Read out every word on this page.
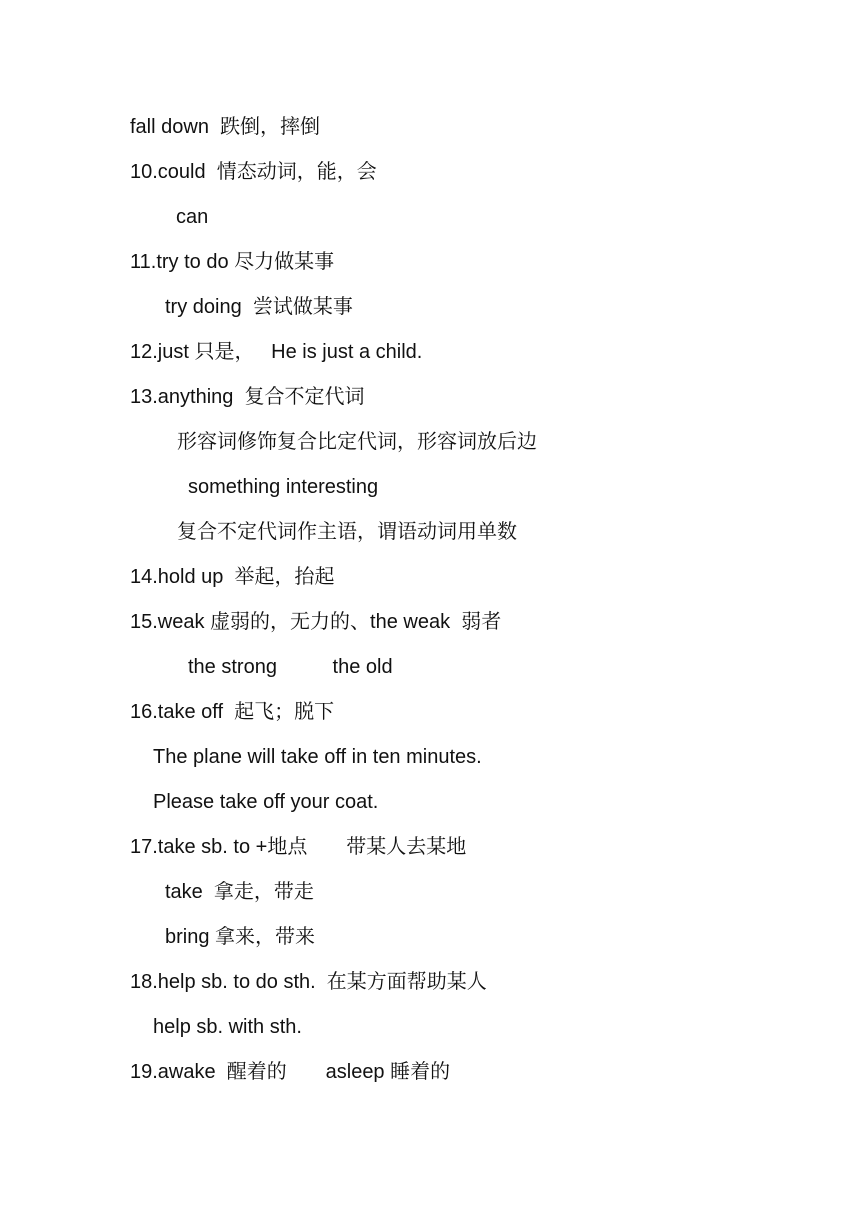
fall down  跌倒，摔倒
10.could  情态动词，能，会
can
11.try to do 尽力做某事
try doing  尝试做某事
12.just 只是，   He is just a child.
13.anything  复合不定代词
形容词修饰复合比定代词，形容词放后边
something interesting
复合不定代词作主语，谓语动词用单数
14.hold up  举起，抬起
15.weak 虚弱的，无力的、the weak  弱者
the strong          the old
16.take off  起飞；脱下
The plane will take off in ten minutes.
Please take off your coat.
17.take sb. to +地点       带某人去某地
take  拿走，带走
bring 拿来，带来
18.help sb. to do sth.  在某方面帮助某人
help sb. with sth.
19.awake  醒着的       asleep 睡着的
